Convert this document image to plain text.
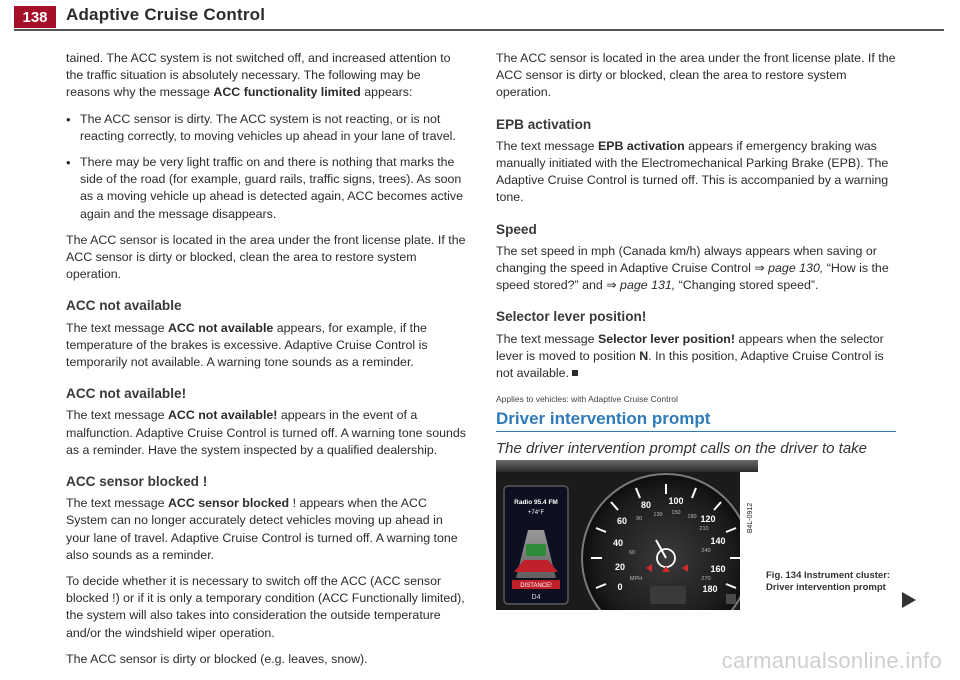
138	Adaptive Cruise Control

tained. The ACC system is not switched off, and increased attention to the traffic situation is absolutely necessary. The following may be reasons why the message ACC functionality limited appears:

• The ACC sensor is dirty. The ACC system is not reacting, or is not reacting correctly, to moving vehicles up ahead in your lane of travel.
• There may be very light traffic on and there is nothing that marks the side of the road (for example, guard rails, traffic signs, trees). As soon as a moving vehicle up ahead is detected again, ACC becomes active again and the message disappears.

The ACC sensor is located in the area under the front license plate. If the ACC sensor is dirty or blocked, clean the area to restore system operation.

ACC not available

The text message ACC not available appears, for example, if the temperature of the brakes is excessive. Adaptive Cruise Control is temporarily not available. A warning tone sounds as a reminder.

ACC not available!

The text message ACC not available! appears in the event of a malfunction. Adaptive Cruise Control is turned off. A warning tone sounds as a reminder. Have the system inspected by a qualified dealership.

ACC sensor blocked !

The text message ACC sensor blocked ! appears when the ACC System can no longer accurately detect vehicles moving up ahead in your lane of travel. Adaptive Cruise Control is turned off. A warning tone also sounds as a reminder.

To decide whether it is necessary to switch off the ACC (ACC sensor blocked !) or if it is only a temporary condition (ACC Functionally limited), the system will also takes into consideration the outside temperature and/or the windshield wiper operation.

The ACC sensor is dirty or blocked (e.g. leaves, snow).

The ACC sensor is located in the area under the front license plate. If the ACC sensor is dirty or blocked, clean the area to restore system operation.

EPB activation

The text message EPB activation appears if emergency braking was manually initiated with the Electromechanical Parking Brake (EPB). The Adaptive Cruise Control is turned off. This is accompanied by a warning tone.

Speed

The set speed in mph (Canada km/h) always appears when saving or changing the speed in Adaptive Cruise Control ⇒ page 130, “How is the speed stored?” and ⇒ page 131, “Changing stored speed”.

Selector lever position!

The text message Selector lever position! appears when the selector lever is moved to position N. In this position, Adaptive Cruise Control is not available.

Applies to vehicles: with Adaptive Cruise Control
Driver intervention prompt
The driver intervention prompt calls on the driver to take
Radio 95.4 FM
+74°F
DISTANCE!
D4
40
60
80 100
120
140
160
180
20
0
60
90
130 150
180
210
240
270
MPH
B4L-0912
Fig. 134 Instrument cluster: Driver intervention prompt
carmanualsonline.info
